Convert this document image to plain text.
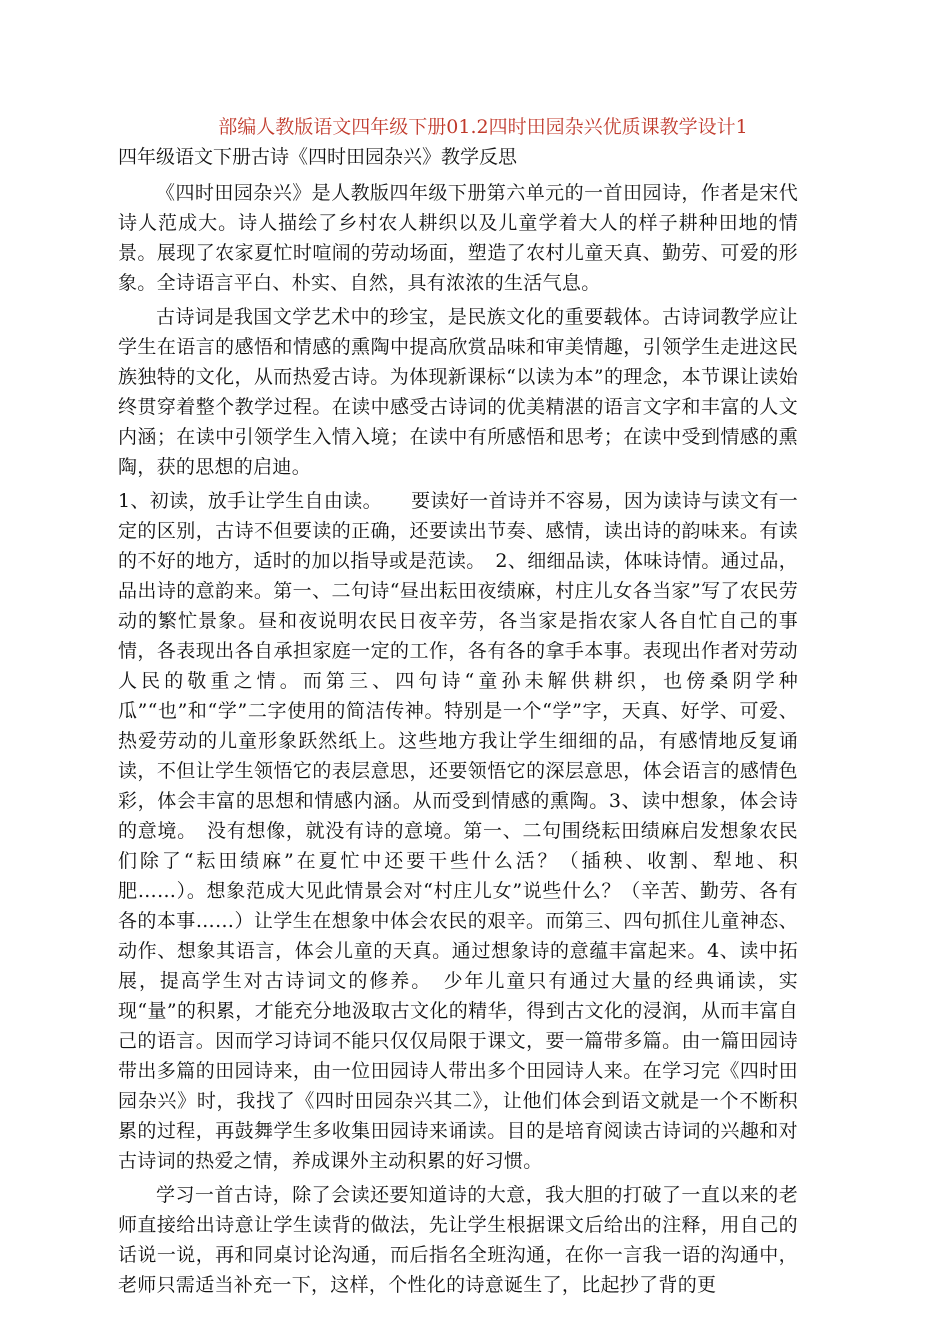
部编人教版语文四年级下册01.2四时田园杂兴优质课教学设计1
四年级语文下册古诗《四时田园杂兴》教学反思

《四时田园杂兴》是人教版四年级下册第六单元的一首田园诗，作者是宋代诗人范成大。诗人描绘了乡村农人耕织以及儿童学着大人的样子耕种田地的情景。展现了农家夏忙时喧闹的劳动场面，塑造了农村儿童天真、勤劳、可爱的形象。全诗语言平白、朴实、自然，具有浓浓的生活气息。

古诗词是我国文学艺术中的珍宝，是民族文化的重要载体。古诗词教学应让学生在语言的感悟和情感的熏陶中提高欣赏品味和审美情趣，引领学生走进这民族独特的文化，从而热爱古诗。为体现新课标“以读为本”的理念，本节课让读始终贯穿着整个教学过程。在读中感受古诗词的优美精湛的语言文字和丰富的人文内涵；在读中引领学生入情入境；在读中有所感悟和思考；在读中受到情感的熏陶，获的思想的启迪。

1、初读，放手让学生自由读。　　要读好一首诗并不容易，因为读诗与读文有一定的区别，古诗不但要读的正确，还要读出节奏、感情，读出诗的韵味来。有读的不好的地方，适时的加以指导或是范读。　2、细细品读，体味诗情。通过品，品出诗的意韵来。第一、二句诗“昼出耘田夜绩麻，村庄儿女各当家”写了农民劳动的繁忙景象。昼和夜说明农民日夜辛劳，各当家是指农家人各自忙自己的事情，各表现出各自承担家庭一定的工作，各有各的拿手本事。表现出作者对劳动人民的敬重之情。而第三、四句诗“童孙未解供耕织，也傍桑阴学种瓜”“也”和“学”二字使用的简洁传神。特别是一个“学”字，天真、好学、可爱、热爱劳动的儿童形象跃然纸上。这些地方我让学生细细的品，有感情地反复诵读，不但让学生领悟它的表层意思，还要领悟它的深层意思，体会语言的感情色彩，体会丰富的思想和情感内涵。从而受到情感的熏陶。3、读中想象，体会诗的意境。　没有想像，就没有诗的意境。第一、二句围绕耘田绩麻启发想象农民们除了“耘田绩麻”在夏忙中还要干些什么活？（插秧、收割、犁地、积肥……）。想象范成大见此情景会对“村庄儿女”说些什么？（辛苦、勤劳、各有各的本事……）让学生在想象中体会农民的艰辛。而第三、四句抓住儿童神态、动作、想象其语言，体会儿童的天真。通过想象诗的意蕴丰富起来。4、读中拓展，提高学生对古诗词文的修养。　少年儿童只有通过大量的经典诵读，实现“量”的积累，才能充分地汲取古文化的精华，得到古文化的浸润，从而丰富自己的语言。因而学习诗词不能只仅仅局限于课文，要一篇带多篇。由一篇田园诗带出多篇的田园诗来，由一位田园诗人带出多个田园诗人来。在学习完《四时田园杂兴》时，我找了《四时田园杂兴其二》，让他们体会到语文就是一个不断积累的过程，再鼓舞学生多收集田园诗来诵读。目的是培育阅读古诗词的兴趣和对古诗词的热爱之情，养成课外主动积累的好习惯。

学习一首古诗，除了会读还要知道诗的大意，我大胆的打破了一直以来的老师直接给出诗意让学生读背的做法，先让学生根据课文后给出的注释，用自己的话说一说，再和同桌讨论沟通，而后指名全班沟通，在你一言我一语的沟通中，老师只需适当补充一下，这样，个性化的诗意诞生了，比起抄了背的更
